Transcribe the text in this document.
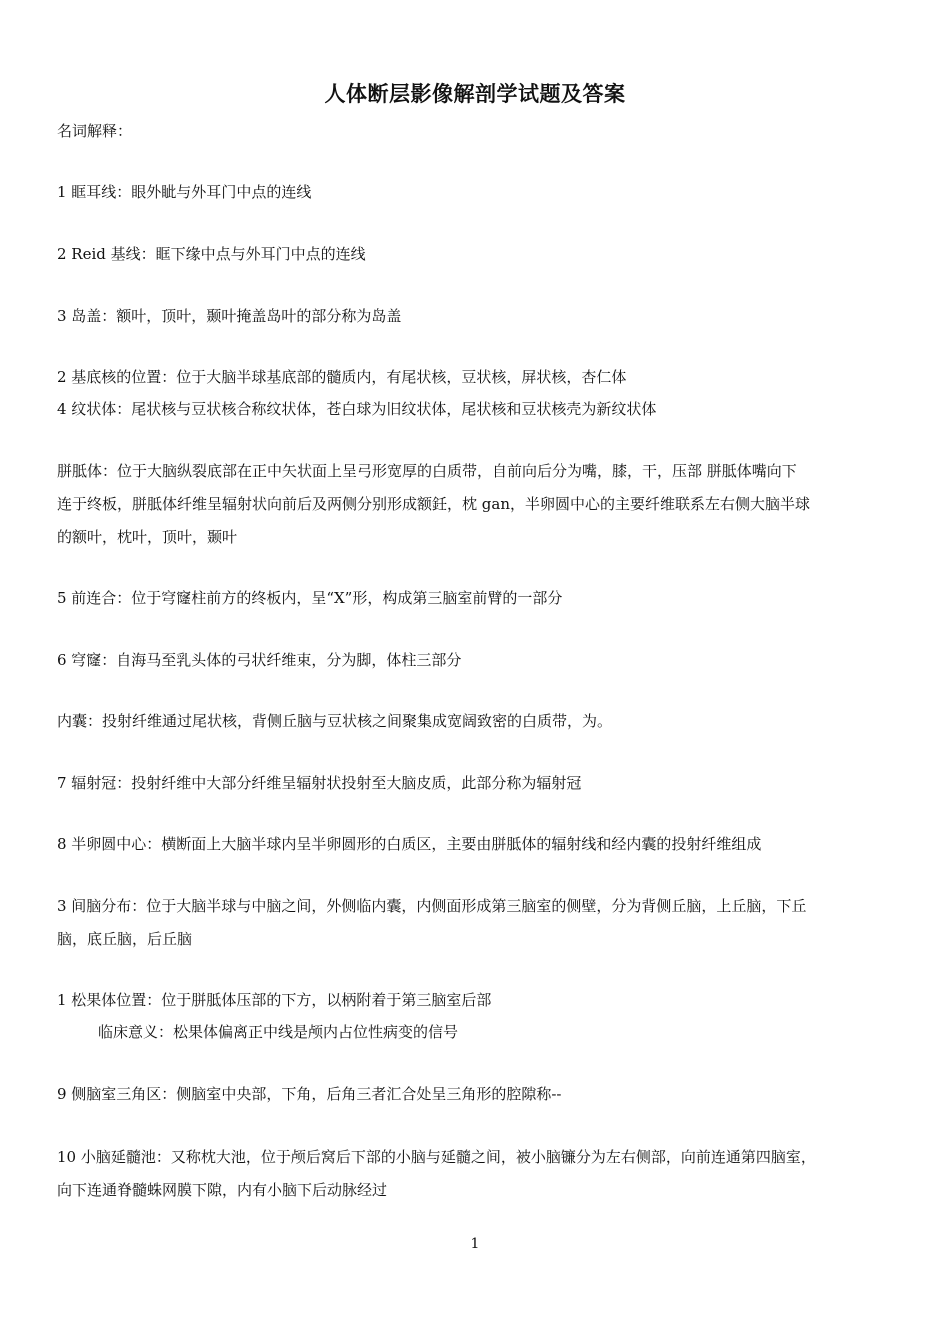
人体断层影像解剖学试题及答案
名词解释：
1 眶耳线：眼外眦与外耳门中点的连线
2 Reid 基线：眶下缘中点与外耳门中点的连线
3 岛盖：额叶，顶叶，颞叶掩盖岛叶的部分称为岛盖
2 基底核的位置：位于大脑半球基底部的髓质内，有尾状核，豆状核，屏状核，杏仁体
4 纹状体：尾状核与豆状核合称纹状体，苍白球为旧纹状体，尾状核和豆状核壳为新纹状体
胼胝体：位于大脑纵裂底部在正中矢状面上呈弓形宽厚的白质带，自前向后分为嘴，膝，干，压部 胼胝体嘴向下
连于终板，胼胝体纤维呈辐射状向前后及两侧分别形成额鈓，枕 gan，半卵圆中心的主要纤维联系左右侧大脑半球
的额叶，枕叶，顶叶，颞叶
5 前连合：位于穹窿柱前方的终板内，呈“X”形，构成第三脑室前臂的一部分
6 穹窿：自海马至乳头体的弓状纤维束，分为脚，体柱三部分
内囊：投射纤维通过尾状核，背侧丘脑与豆状核之间聚集成宽阔致密的白质带，为。
7 辐射冠：投射纤维中大部分纤维呈辐射状投射至大脑皮质，此部分称为辐射冠
8 半卵圆中心：横断面上大脑半球内呈半卵圆形的白质区，主要由胼胝体的辐射线和经内囊的投射纤维组成
3 间脑分布：位于大脑半球与中脑之间，外侧临内囊，内侧面形成第三脑室的侧壁，分为背侧丘脑，上丘脑，下丘
脑，底丘脑，后丘脑
1 松果体位置：位于胼胝体压部的下方，以柄附着于第三脑室后部
临床意义：松果体偏离正中线是颅内占位性病变的信号
9 侧脑室三角区：侧脑室中央部，下角，后角三者汇合处呈三角形的腔隙称--
10 小脑延髓池：又称枕大池，位于颅后窝后下部的小脑与延髓之间，被小脑镰分为左右侧部，向前连通第四脑室，
向下连通脊髓蛛网膜下隙，内有小脑下后动脉经过
1
